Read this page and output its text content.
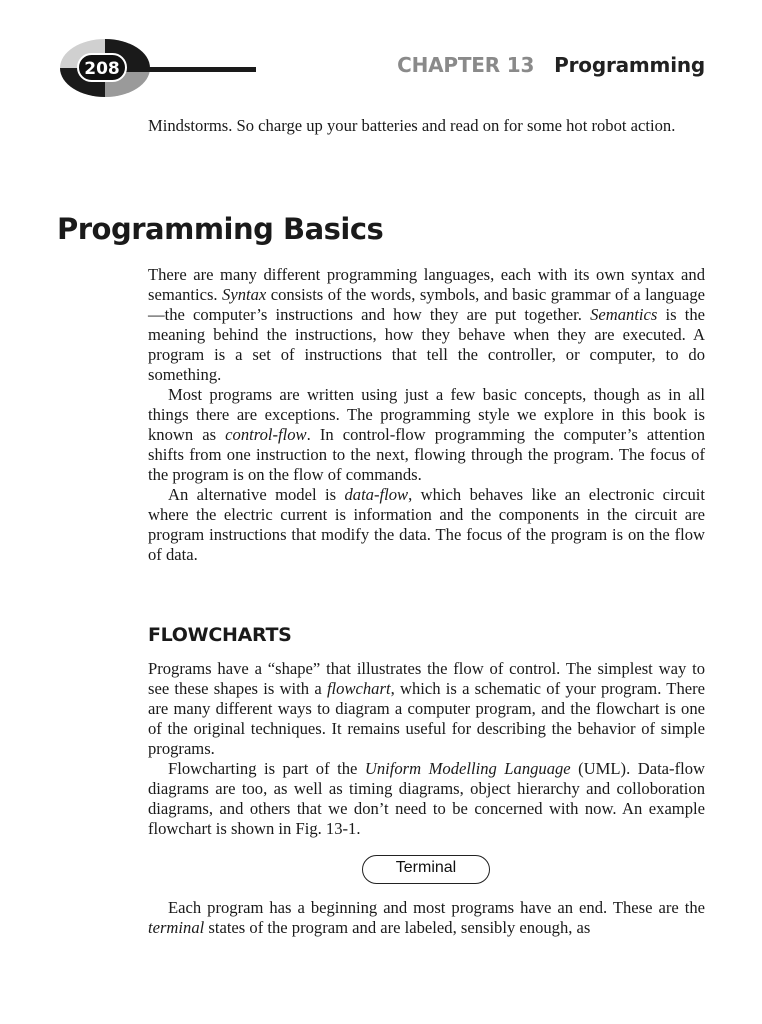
208	CHAPTER 13 Programming

Mindstorms. So charge up your batteries and read on for some hot robot action.

Programming Basics

There are many different programming languages, each with its own syntax and semantics. Syntax consists of the words, symbols, and basic grammar of a language—the computer’s instructions and how they are put together. Semantics is the meaning behind the instructions, how they behave when they are executed. A program is a set of instructions that tell the controller, or computer, to do something.

Most programs are written using just a few basic concepts, though as in all things there are exceptions. The programming style we explore in this book is known as control-flow. In control-flow programming the computer’s attention shifts from one instruction to the next, flowing through the program. The focus of the program is on the flow of commands.

An alternative model is data-flow, which behaves like an electronic circuit where the electric current is information and the components in the circuit are program instructions that modify the data. The focus of the program is on the flow of data.

FLOWCHARTS

Programs have a “shape” that illustrates the flow of control. The simplest way to see these shapes is with a flowchart, which is a schematic of your program. There are many different ways to diagram a computer program, and the flowchart is one of the original techniques. It remains useful for describing the behavior of simple programs.

Flowcharting is part of the Uniform Modelling Language (UML). Data-flow diagrams are too, as well as timing diagrams, object hierarchy and colloboration diagrams, and others that we don’t need to be concerned with now. An example flowchart is shown in Fig. 13-1.

Terminal

Each program has a beginning and most programs have an end. These are the terminal states of the program and are labeled, sensibly enough, as
